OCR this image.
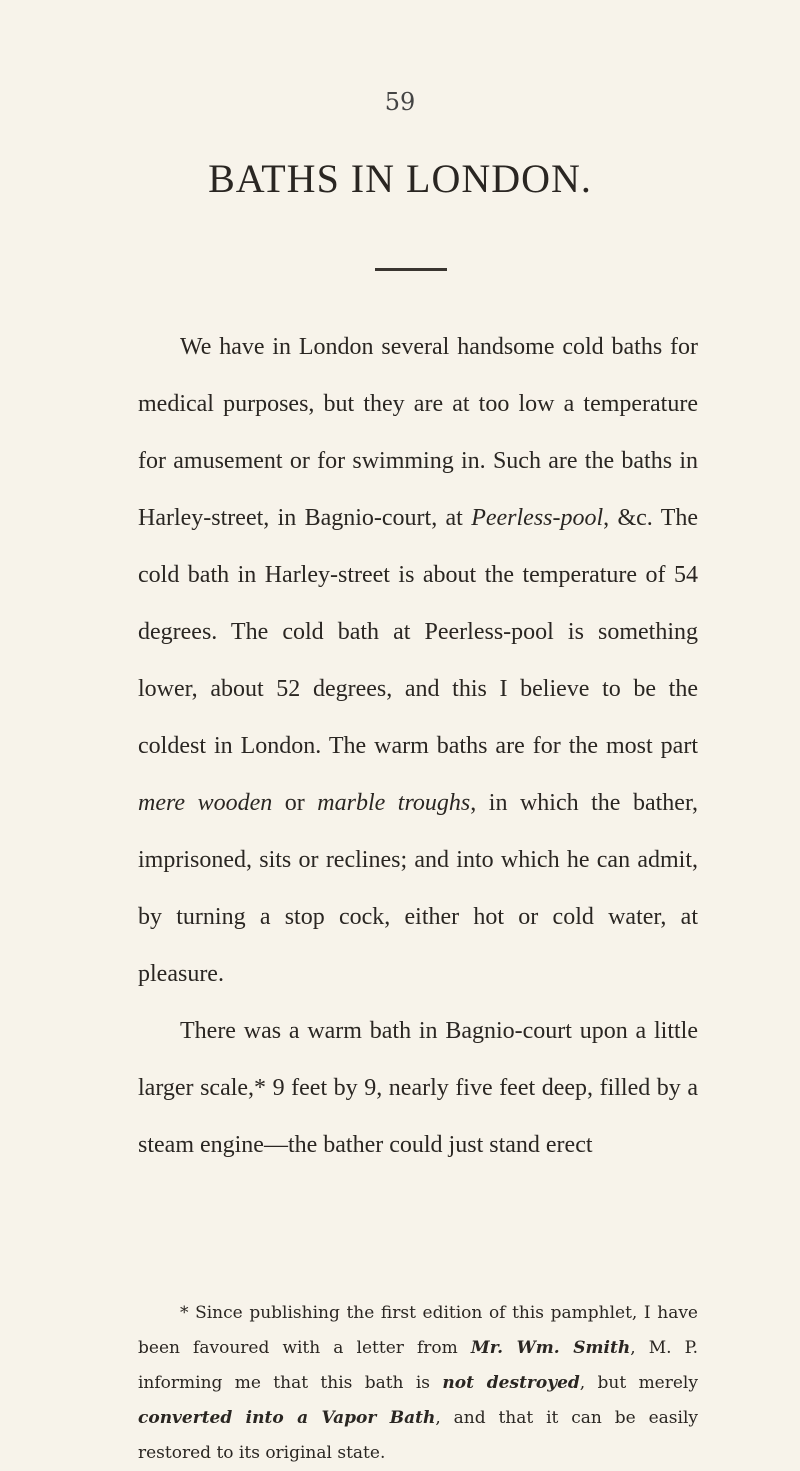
59
BATHS IN LONDON.

We have in London several handsome cold baths for medical purposes, but they are at too low a temperature for amusement or for swimming in. Such are the baths in Harley-street, in Bagnio-court, at Peerless-pool, &c. The cold bath in Harley-street is about the temperature of 54 degrees. The cold bath at Peerless-pool is something lower, about 52 degrees, and this I believe to be the coldest in London. The warm baths are for the most part mere wooden or marble troughs, in which the bather, imprisoned, sits or reclines; and into which he can admit, by turning a stop cock, either hot or cold water, at pleasure.

There was a warm bath in Bagnio-court upon a little larger scale,* 9 feet by 9, nearly five feet deep, filled by a steam engine—the bather could just stand erect

* Since publishing the first edition of this pamphlet, I have been favoured with a letter from Mr. Wm. Smith, M. P. informing me that this bath is not destroyed, but merely converted into a Vapor Bath, and that it can be easily restored to its original state.
